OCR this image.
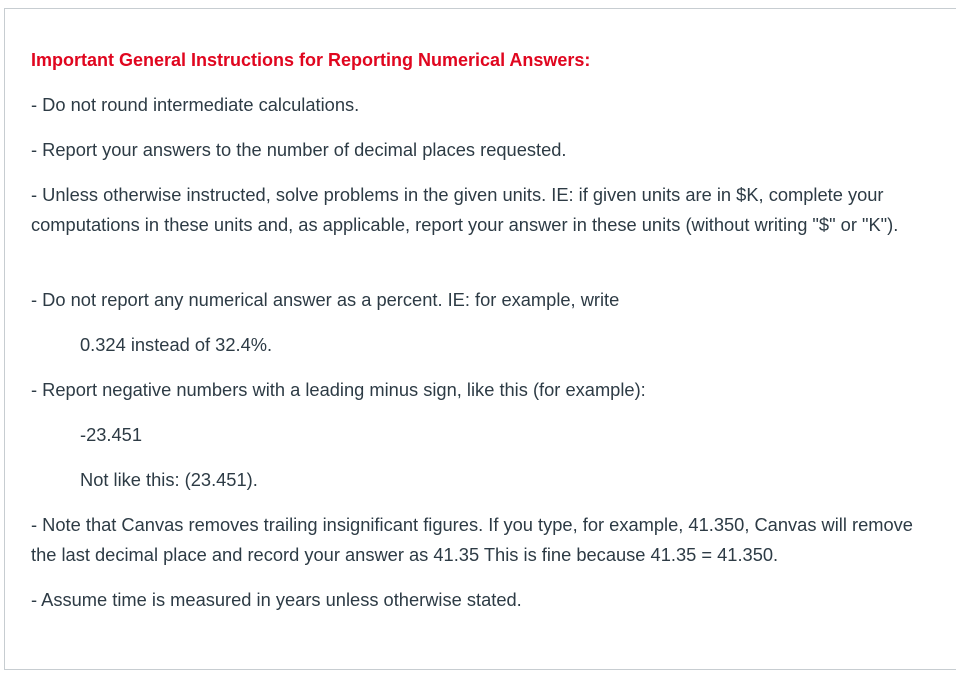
Important General Instructions for Reporting Numerical Answers:
- Do not round intermediate calculations.
- Report your answers to the number of decimal places requested.
- Unless otherwise instructed, solve problems in the given units. IE: if given units are in $K, complete your computations in these units and, as applicable, report your answer in these units (without writing "$" or "K").
- Do not report any numerical answer as a percent. IE: for example, write
0.324 instead of 32.4%.
- Report negative numbers with a leading minus sign, like this (for example):
-23.451
Not like this: (23.451).
- Note that Canvas removes trailing insignificant figures. If you type, for example, 41.350, Canvas will remove the last decimal place and record your answer as 41.35 This is fine because 41.35 = 41.350.
- Assume time is measured in years unless otherwise stated.
